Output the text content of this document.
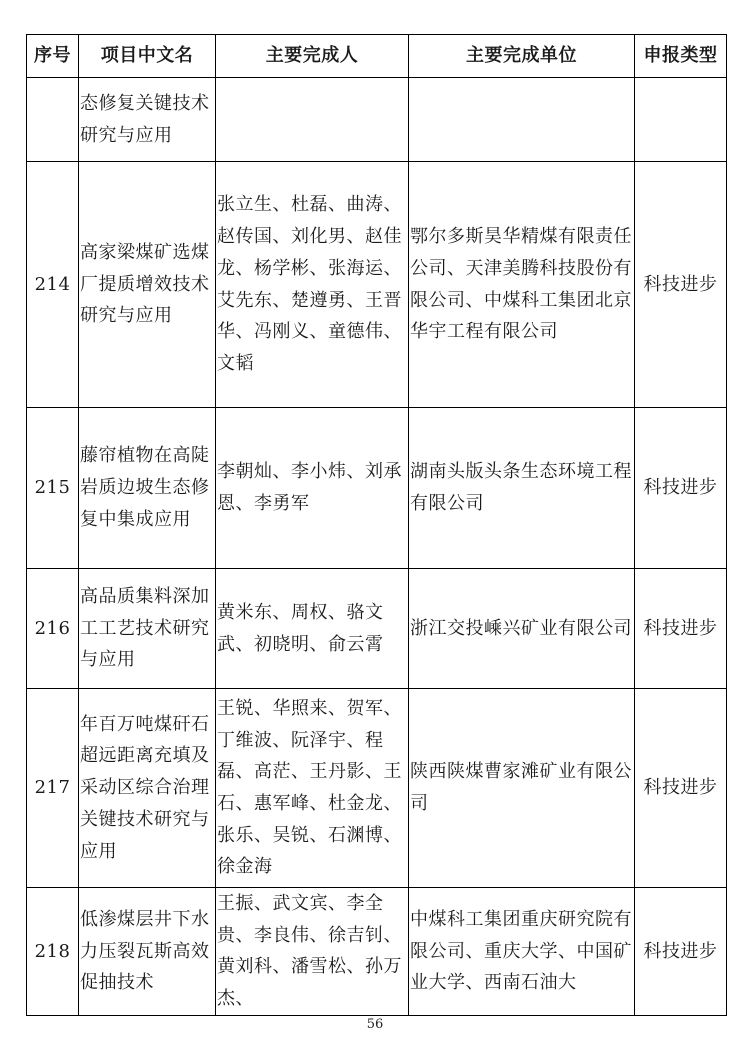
序号	项目中文名	主要完成人	主要完成单位	申报类型
	态修复关键技术研究与应用			
214	高家梁煤矿选煤厂提质增效技术研究与应用	张立生、杜磊、曲涛、赵传国、刘化男、赵佳龙、杨学彬、张海运、艾先东、楚遵勇、王晋华、冯刚义、童德伟、文韬	鄂尔多斯昊华精煤有限责任公司、天津美腾科技股份有限公司、中煤科工集团北京华宇工程有限公司	科技进步
215	藤帘植物在高陡岩质边坡生态修复中集成应用	李朝灿、李小炜、刘承恩、李勇军	湖南头版头条生态环境工程有限公司	科技进步
216	高品质集料深加工工艺技术研究与应用	黄米东、周权、骆文武、初晓明、俞云霄	浙江交投嵊兴矿业有限公司	科技进步
217	年百万吨煤矸石超远距离充填及采动区综合治理关键技术研究与应用	王锐、华照来、贺军、丁维波、阮泽宇、程磊、高茫、王丹影、王石、惠军峰、杜金龙、张乐、吴锐、石渊博、徐金海	陕西陕煤曹家滩矿业有限公司	科技进步
218	低渗煤层井下水力压裂瓦斯高效促抽技术	王振、武文宾、李全贵、李良伟、徐吉钊、黄刘科、潘雪松、孙万杰、	中煤科工集团重庆研究院有限公司、重庆大学、中国矿业大学、西南石油大	科技进步
56
